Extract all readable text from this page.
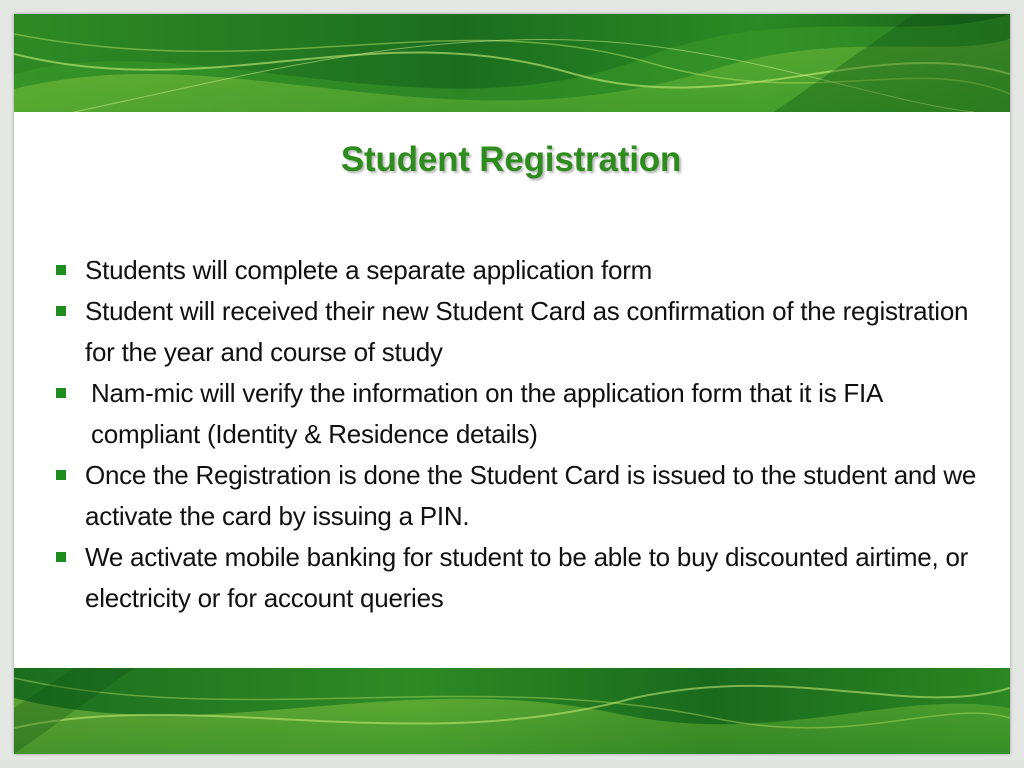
Student Registration
Students will complete a separate application form
Student will received their new Student Card as confirmation of the registration for the year and course of study
Nam-mic will verify the information on the application form that it is FIA compliant (Identity & Residence details)
Once the Registration is done the Student Card is issued to the student and we activate the card by issuing a PIN.
We activate mobile banking for student to be able to buy discounted airtime, or electricity or for account queries
